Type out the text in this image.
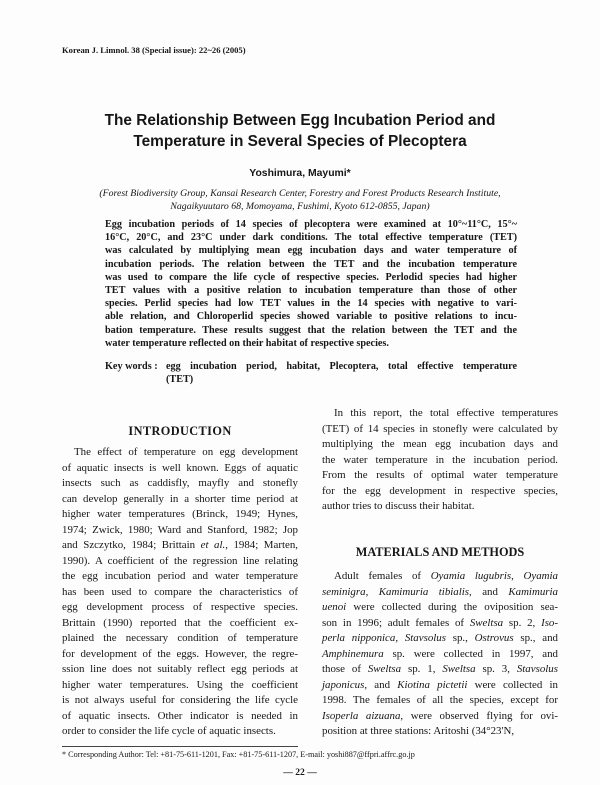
Korean J. Limnol. 38 (Special issue): 22~26 (2005)
The Relationship Between Egg Incubation Period and
Temperature in Several Species of Plecoptera
Yoshimura, Mayumi*
(Forest Biodiversity Group, Kansai Research Center, Forestry and Forest Products Research Institute,
Nagaikyuutaro 68, Momoyama, Fushimi, Kyoto 612-0855, Japan)
Egg incubation periods of 14 species of plecoptera were examined at 10°~11°C, 15°~
16°C, 20°C, and 23°C under dark conditions. The total effective temperature (TET)
was calculated by multiplying mean egg incubation days and water temperature of
incubation periods. The relation between the TET and the incubation temperature
was used to compare the life cycle of respective species. Perlodid species had higher
TET values with a positive relation to incubation temperature than those of other
species. Perlid species had low TET values in the 14 species with negative to vari-
able relation, and Chloroperlid species showed variable to positive relations to incu-
bation temperature. These results suggest that the relation between the TET and the
water temperature reflected on their habitat of respective species.
Key words : egg incubation period, habitat, Plecoptera, total effective temperature
(TET)
INTRODUCTION
The effect of temperature on egg development
of aquatic insects is well known. Eggs of aquatic
insects such as caddisfly, mayfly and stonefly
can develop generally in a shorter time period at
higher water temperatures (Brinck, 1949; Hynes,
1974; Zwick, 1980; Ward and Stanford, 1982; Jop
and Szczytko, 1984; Brittain et al., 1984; Marten,
1990). A coefficient of the regression line relating
the egg incubation period and water temperature
has been used to compare the characteristics of
egg development process of respective species.
Brittain (1990) reported that the coefficient ex-
plained the necessary condition of temperature
for development of the eggs. However, the regre-
ssion line does not suitably reflect egg periods at
higher water temperatures. Using the coefficient
is not always useful for considering the life cycle
of aquatic insects. Other indicator is needed in
order to consider the life cycle of aquatic insects.
In this report, the total effective temperatures
(TET) of 14 species in stonefly were calculated by
multiplying the mean egg incubation days and
the water temperature in the incubation period.
From the results of optimal water temperature
for the egg development in respective species,
author tries to discuss their habitat.
MATERIALS AND METHODS
Adult females of Oyamia lugubris, Oyamia
seminigra, Kamimuria tibialis, and Kamimuria
uenoi were collected during the oviposition sea-
son in 1996; adult females of Sweltsa sp. 2, Iso-
perla nipponica, Stavsolus sp., Ostrovus sp., and
Amphinemura sp. were collected in 1997, and
those of Sweltsa sp. 1, Sweltsa sp. 3, Stavsolus
japonicus, and Kiotina pictetii were collected in
1998. The females of all the species, except for
Isoperla aizuana, were observed flying for ovi-
position at three stations: Aritoshi (34°23'N,
* Corresponding Author: Tel: +81-75-611-1201, Fax: +81-75-611-1207, E-mail: yoshi887@ffpri.affrc.go.jp
— 22 —
